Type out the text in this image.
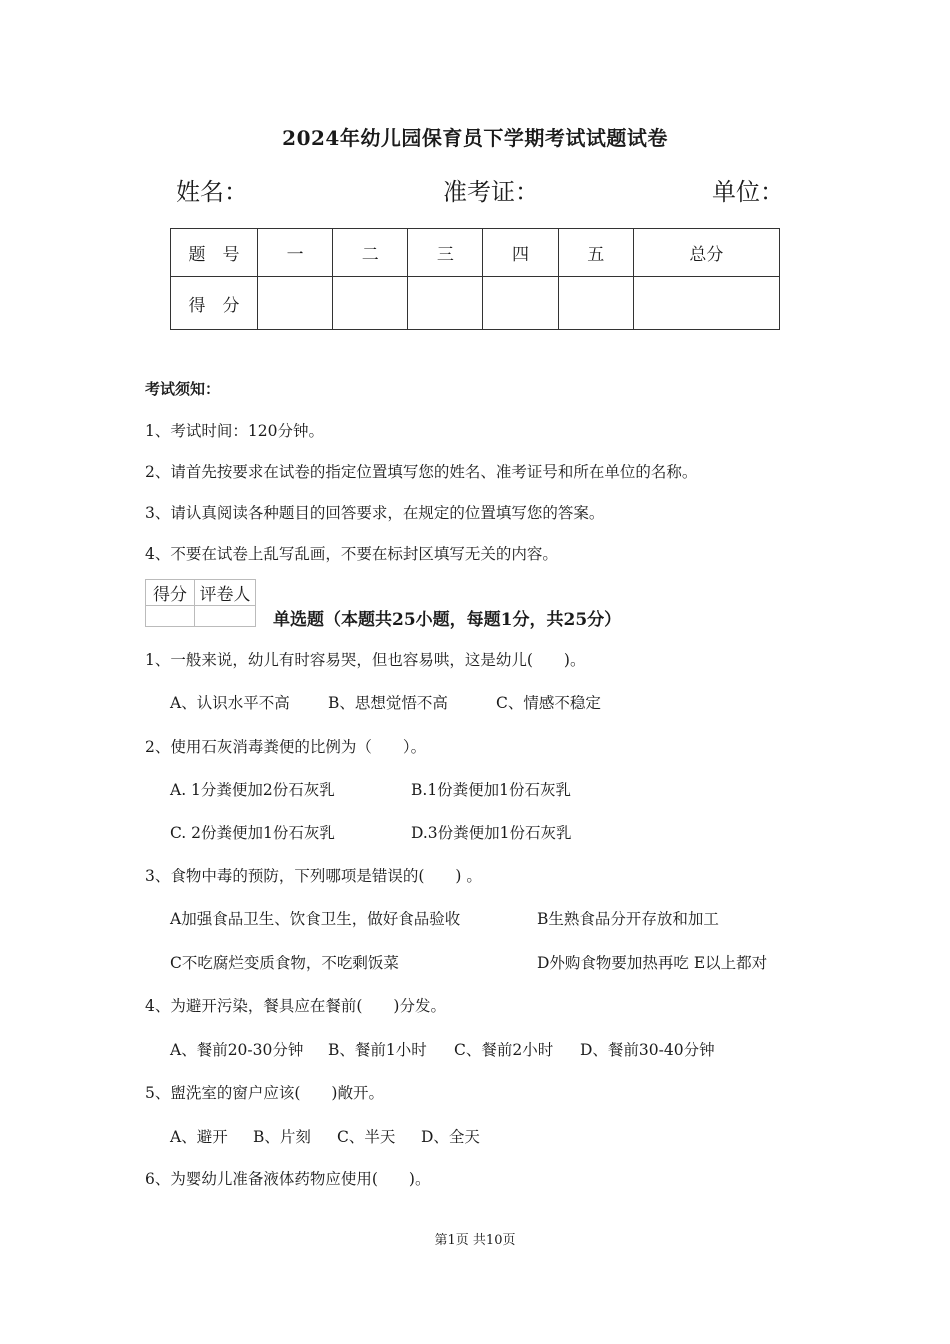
2024年幼儿园保育员下学期考试试题试卷
姓名：	准考证：	单位：
题　号	一	二	三	四	五	总分
得　分						
考试须知：
1、考试时间：120分钟。
2、请首先按要求在试卷的指定位置填写您的姓名、准考证号和所在单位的名称。
3、请认真阅读各种题目的回答要求，在规定的位置填写您的答案。
4、不要在试卷上乱写乱画，不要在标封区填写无关的内容。
得分	评卷人

单选题（本题共25小题，每题1分，共25分）
1、一般来说，幼儿有时容易哭，但也容易哄，这是幼儿(　　)。
A、认识水平不高 B、思想觉悟不高	C、情感不稳定
2、使用石灰消毒粪便的比例为（　　）。
A. 1分粪便加2份石灰乳	B.1份粪便加1份石灰乳
C. 2份粪便加1份石灰乳	D.3份粪便加1份石灰乳
3、食物中毒的预防，下列哪项是错误的(　　) 。
A加强食品卫生、饮食卫生，做好食品验收	B生熟食品分开存放和加工
C不吃腐烂变质食物，不吃剩饭菜	D外购食物要加热再吃 E以上都对
4、为避开污染，餐具应在餐前(　　)分发。
A、餐前20-30分钟 B、餐前1小时 C、餐前2小时 D、餐前30-40分钟
5、盥洗室的窗户应该(　　)敞开。
A、避开 B、片刻 C、半天 D、全天
6、为婴幼儿准备液体药物应使用(　　)。
第1页 共10页
